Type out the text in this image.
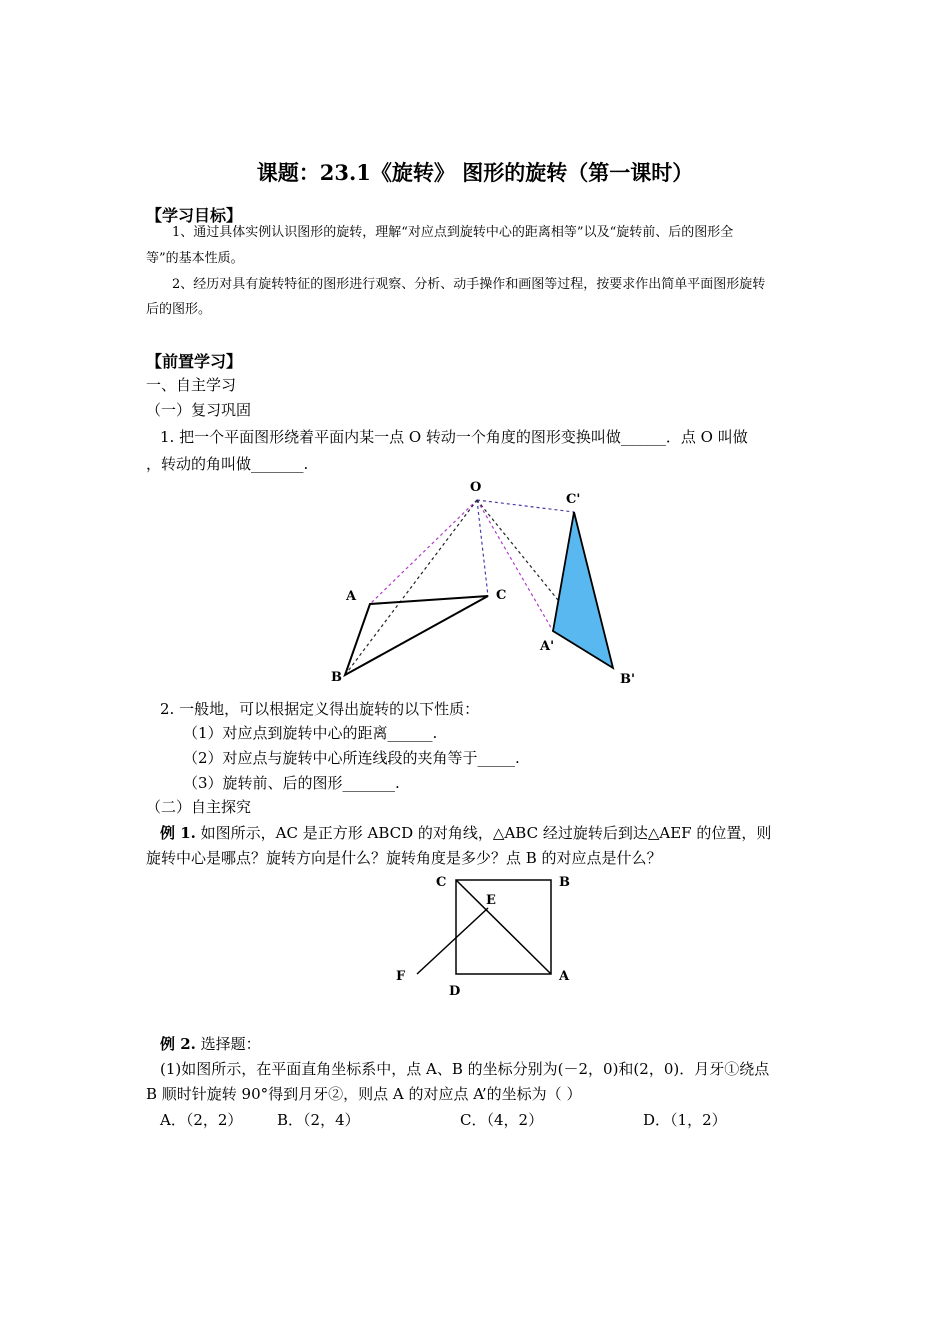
课题：23.1《旋转》 图形的旋转（第一课时）
【学习目标】
1、通过具体实例认识图形的旋转，理解“对应点到旋转中心的距离相等”以及“旋转前、后的图形全
等”的基本性质。
2、经历对具有旋转特征的图形进行观察、分析、动手操作和画图等过程，按要求作出简单平面图形旋转
后的图形。
【前置学习】
一、自主学习
（一）复习巩固
1. 把一个平面图形绕着平面内某一点 O 转动一个角度的图形变换叫做______．点 O 叫做
，转动的角叫做_______.
O
A	C
B
C'
A'
B'
2. 一般地，可以根据定义得出旋转的以下性质：
（1）对应点到旋转中心的距离______.
（2）对应点与旋转中心所连线段的夹角等于_____.
（3）旋转前、后的图形_______.
（二）自主探究
例 1. 如图所示，AC 是正方形 ABCD 的对角线，△ABC 经过旋转后到达△AEF 的位置，则
旋转中心是哪点？旋转方向是什么？旋转角度是多少？点 B 的对应点是什么？
C	B
E
F
D
A
例 2. 选择题：
(1)如图所示，在平面直角坐标系中，点 A、B 的坐标分别为(－2，0)和(2，0)．月牙①绕点
B 顺时针旋转 90°得到月牙②，则点 A 的对应点 A’的坐标为（ ）
A．（2，2） B．（2，4）	C．（4，2）	D．（1，2）
